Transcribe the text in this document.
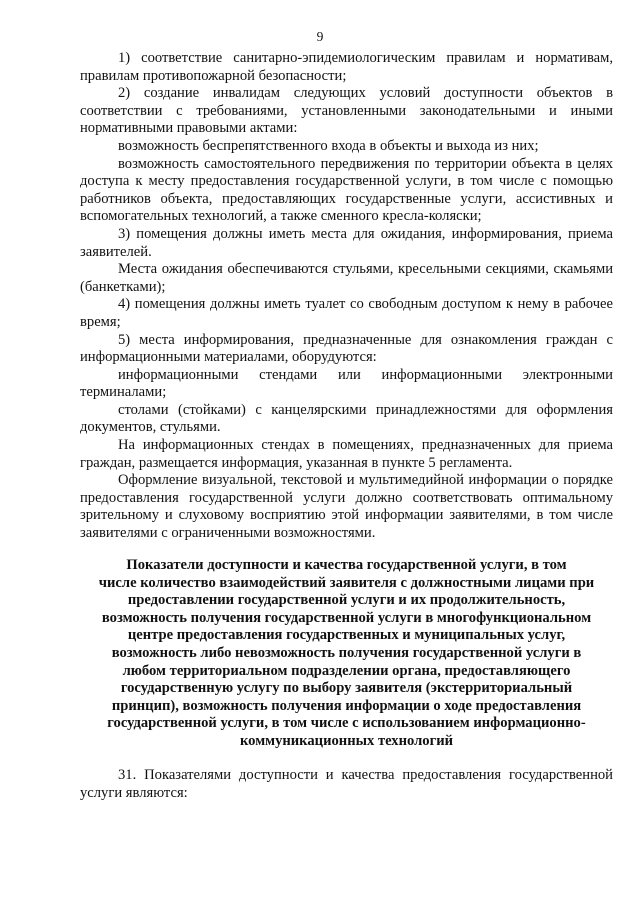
9

1) соответствие санитарно-эпидемиологическим правилам и нормативам, правилам противопожарной безопасности;

2) создание инвалидам следующих условий доступности объектов в соответствии с требованиями, установленными законодательными и иными нормативными правовыми актами:

возможность беспрепятственного входа в объекты и выхода из них;

возможность самостоятельного передвижения по территории объекта в целях доступа к месту предоставления государственной услуги, в том числе с помощью работников объекта, предоставляющих государственные услуги, ассистивных и вспомогательных технологий, а также сменного кресла-коляски;

3) помещения должны иметь места для ожидания, информирования, приема заявителей.

Места ожидания обеспечиваются стульями, кресельными секциями, скамьями (банкетками);

4) помещения должны иметь туалет со свободным доступом к нему в рабочее время;

5) места информирования, предназначенные для ознакомления граждан с информационными материалами, оборудуются:

информационными стендами или информационными электронными терминалами;

столами (стойками) с канцелярскими принадлежностями для оформления документов, стульями.

На информационных стендах в помещениях, предназначенных для приема граждан, размещается информация, указанная в пункте 5 регламента.

Оформление визуальной, текстовой и мультимедийной информации о порядке предоставления государственной услуги должно соответствовать оптимальному зрительному и слуховому восприятию этой информации заявителями, в том числе заявителями с ограниченными возможностями.

Показатели доступности и качества государственной услуги, в том
числе количество взаимодействий заявителя с должностными лицами при
предоставлении государственной услуги и их продолжительность,
возможность получения государственной услуги в многофункциональном
центре предоставления государственных и муниципальных услуг,
возможность либо невозможность получения государственной услуги в
любом территориальном подразделении органа, предоставляющего
государственную услугу по выбору заявителя (экстерриториальный
принцип), возможность получения информации о ходе предоставления
государственной услуги, в том числе с использованием информационно-
коммуникационных технологий

31. Показателями доступности и качества предоставления государственной услуги являются:
